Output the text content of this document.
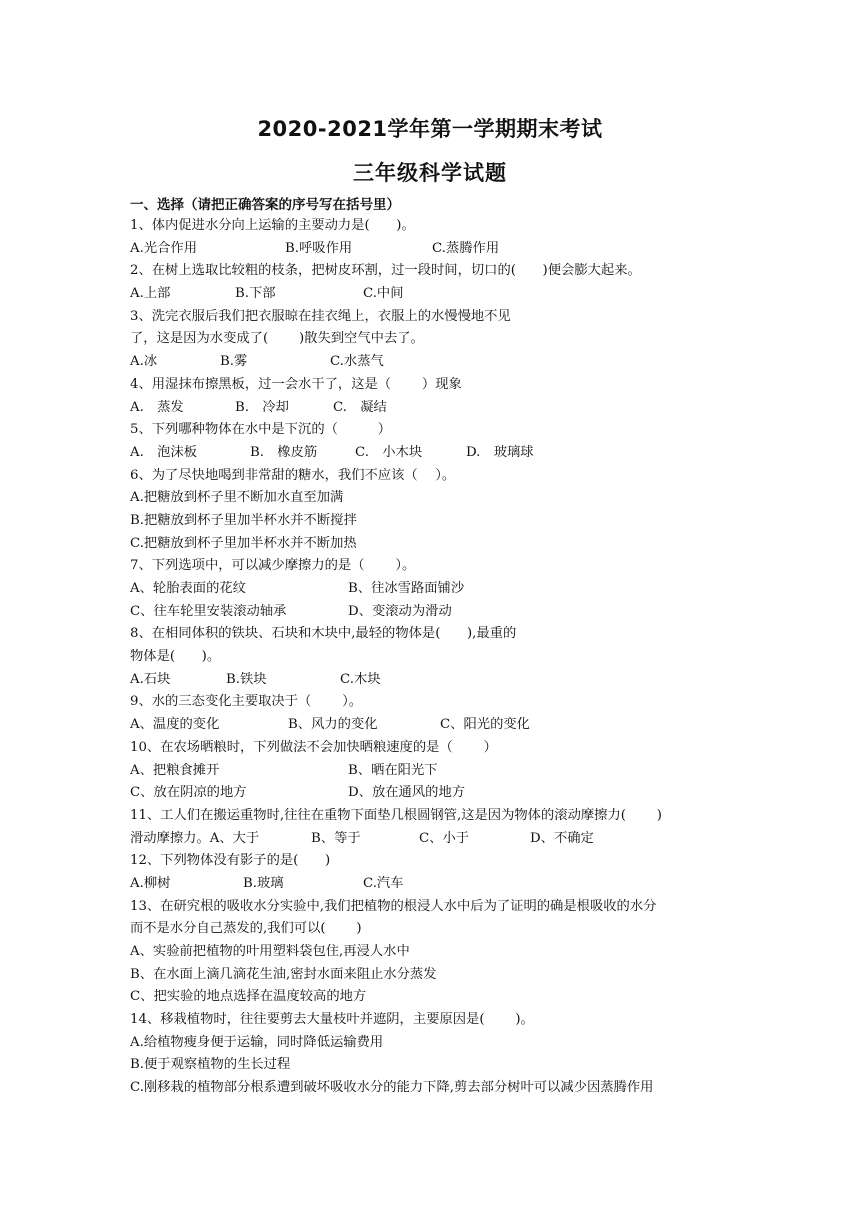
2020-2021学年第一学期期末考试
三年级科学试题
一、选择（请把正确答案的序号写在括号里）
1、体内促进水分向上运输的主要动力是(　　)。
A.光合作用	B.呼吸作用	C.蒸腾作用
2、在树上选取比较粗的枝条，把树皮环割，过一段时间，切口的(　　)便会膨大起来。
A.上部	B.下部	C.中间
3、洗完衣服后我们把衣服晾在挂衣绳上，衣服上的水慢慢地不见
了，这是因为水变成了(　　 )散失到空气中去了。
A.冰	B.雾	C.水蒸气
4、用湿抹布擦黑板，过一会水干了，这是（　　 ）现象
A.　蒸发	B.　冷却	C.　凝结
5、下列哪种物体在水中是下沉的（　　　）
A.　泡沫板	B.　橡皮筋	C.　小木块	D.　玻璃球
6、为了尽快地喝到非常甜的糖水，我们不应该（　 ）。
A.把糖放到杯子里不断加水直至加满
B.把糖放到杯子里加半杯水并不断搅拌
C.把糖放到杯子里加半杯水并不断加热
7、下列选项中，可以减少摩擦力的是（　　 ）。
A、轮胎表面的花纹	B、往冰雪路面铺沙
C、往车轮里安装滚动轴承	D、变滚动为滑动
8、在相同体积的铁块、石块和木块中,最轻的物体是(　　),最重的
物体是(　　)。
A.石块	B.铁块	C.木块
9、水的三态变化主要取决于（　　 ）。
A、温度的变化	B、风力的变化	C、阳光的变化
10、在农场晒粮时，下列做法不会加快晒粮速度的是（　　 ）
A、把粮食摊开	B、晒在阳光下
C、放在阴凉的地方	D、放在通风的地方
11、工人们在搬运重物时,往往在重物下面垫几根圆钢管,这是因为物体的滚动摩擦力(　　 )
滑动摩擦力。A、大于	B、等于	C、小于	D、不确定
12、下列物体没有影子的是(　　)
A.柳树	B.玻璃	C.汽车
13、在研究根的吸收水分实验中,我们把植物的根浸人水中后为了证明的确是根吸收的水分
而不是水分自己蒸发的,我们可以(　　 )
A、实验前把植物的叶用塑料袋包住,再浸人水中
B、在水面上滴几滴花生油,密封水面来阻止水分蒸发
C、把实验的地点选择在温度较高的地方
14、移栽植物时，往往要剪去大量枝叶并遮阴，主要原因是(　　 )。
A.给植物瘦身便于运输，同时降低运输费用
B.便于观察植物的生长过程
C.刚移栽的植物部分根系遭到破坏吸收水分的能力下降,剪去部分树叶可以减少因蒸腾作用
